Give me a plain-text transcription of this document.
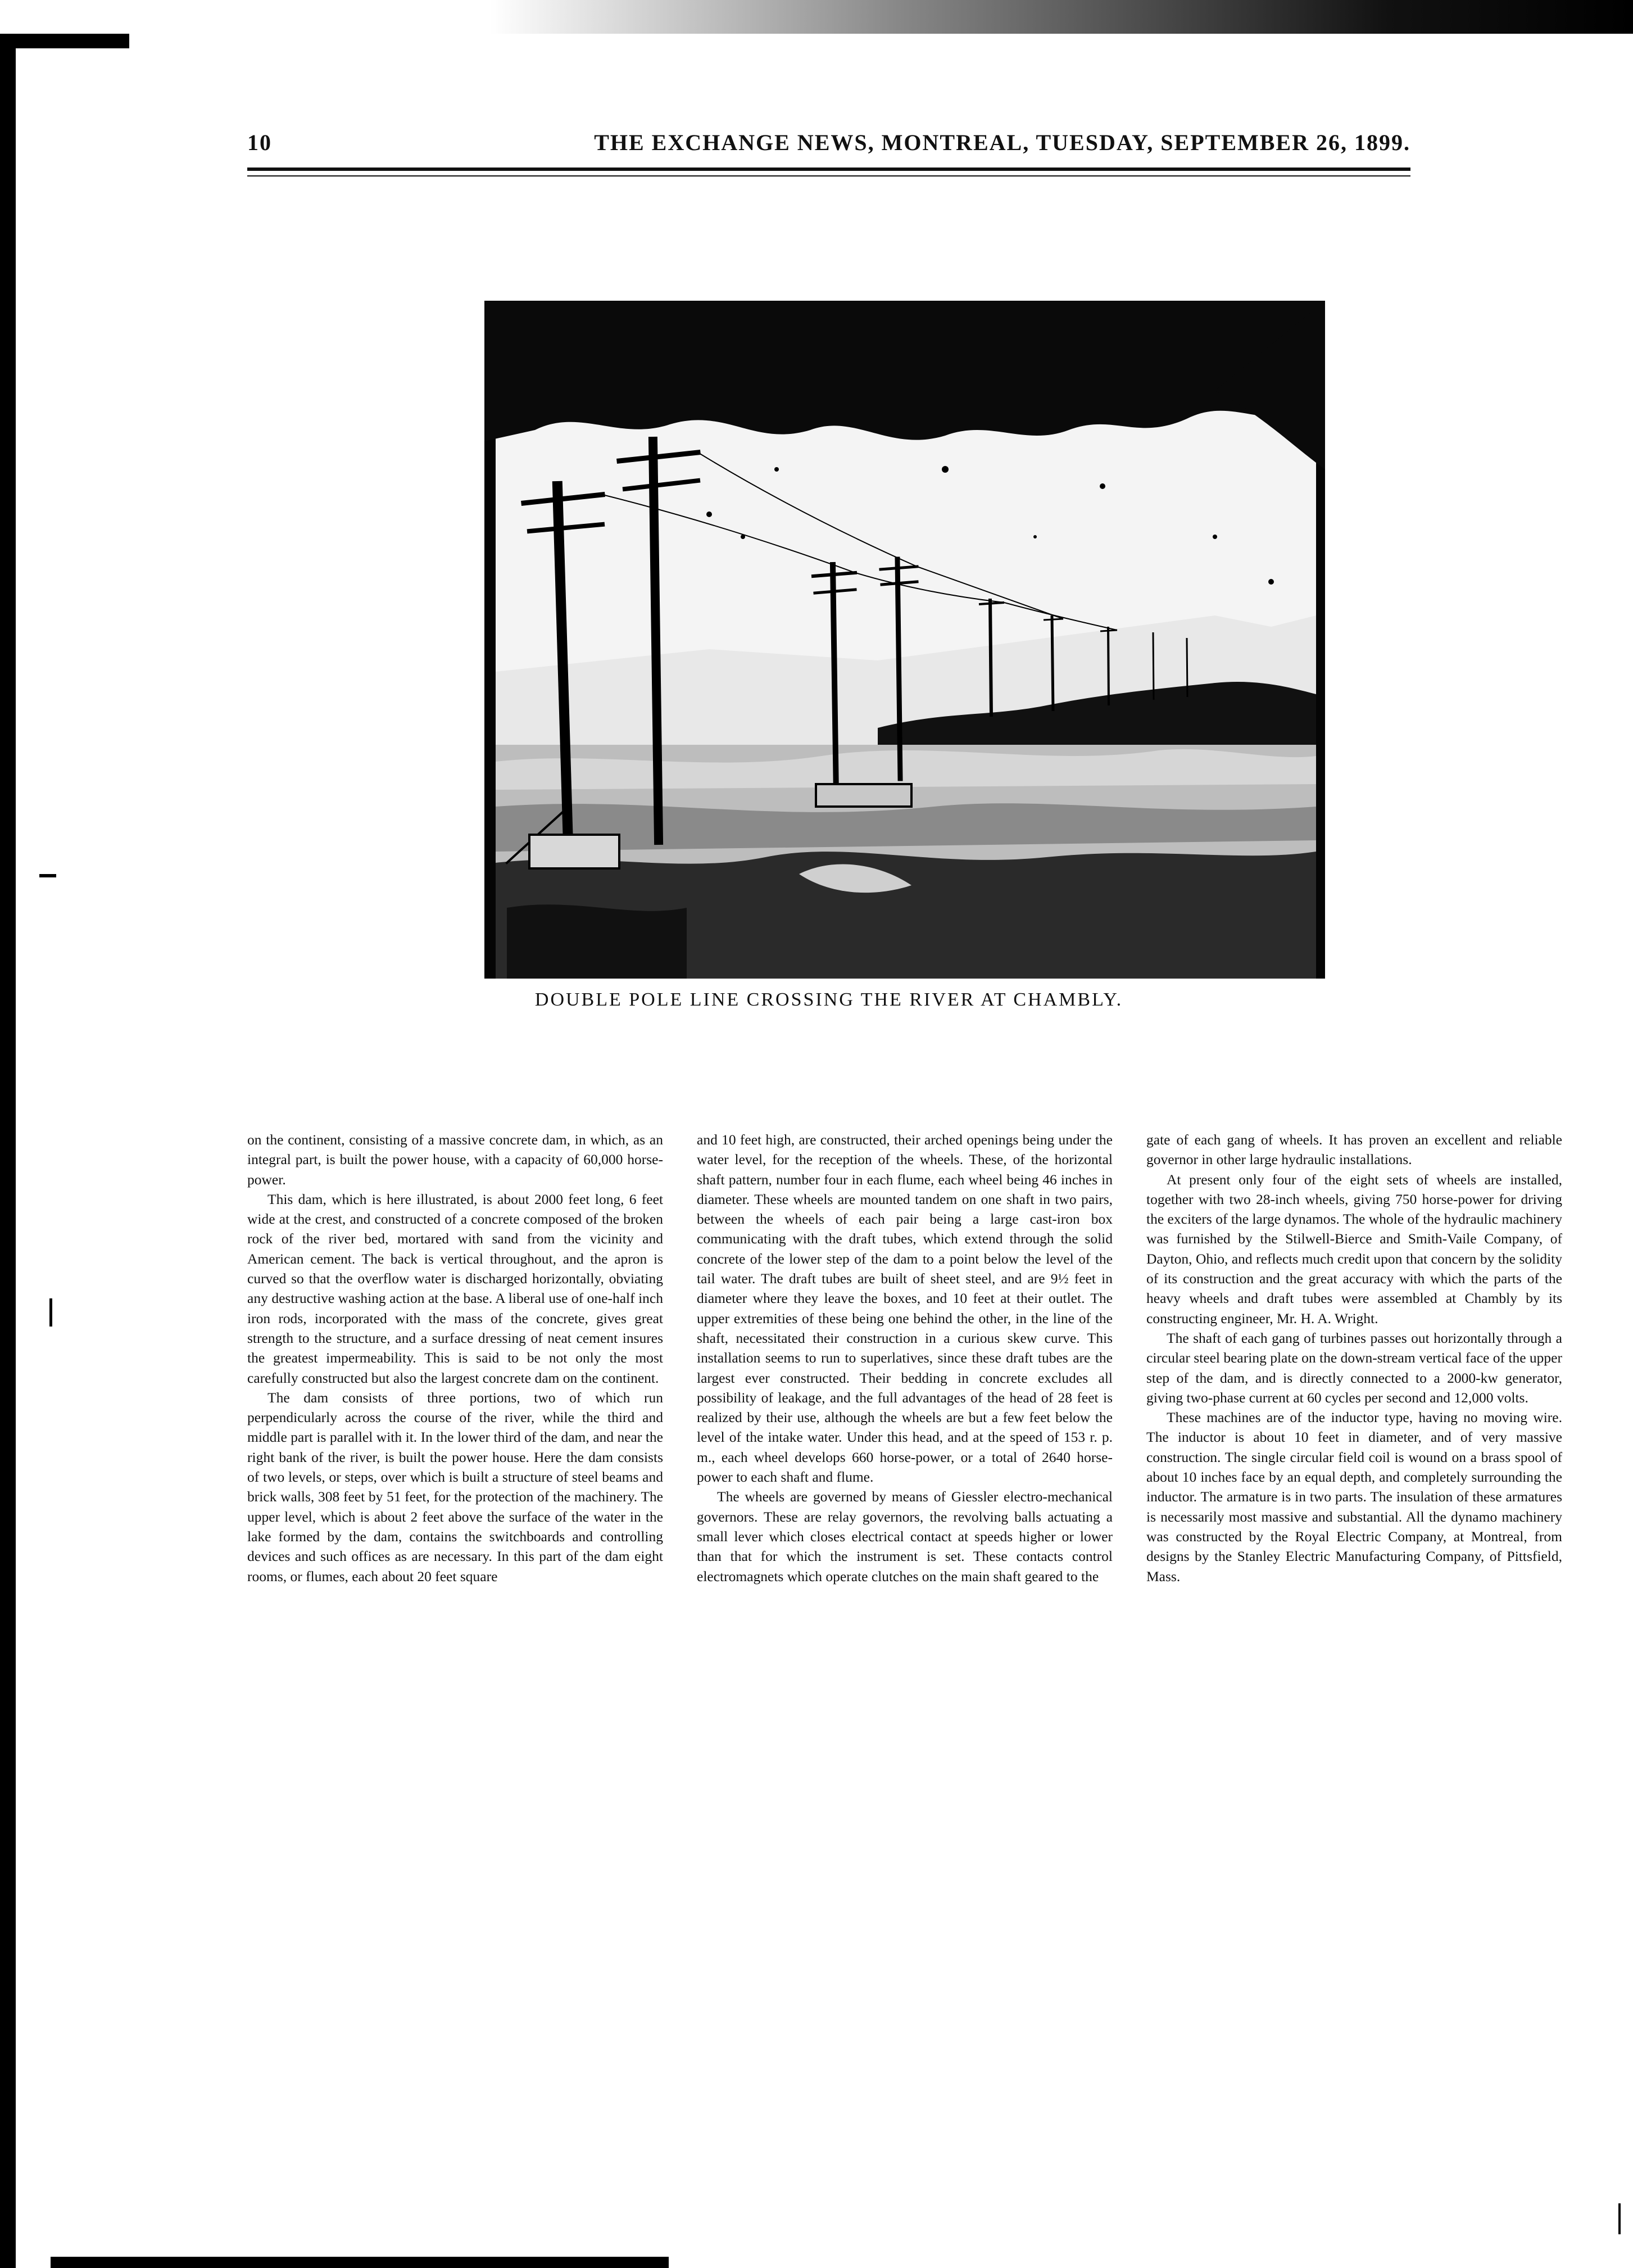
10	THE EXCHANGE NEWS, MONTREAL, TUESDAY, SEPTEMBER 26, 1899.
DOUBLE POLE LINE CROSSING THE RIVER AT CHAMBLY.

on the continent, consisting of a massive concrete dam, in which, as an integral part, is built the power house, with a capacity of 60,000 horse-power.

This dam, which is here illustrated, is about 2000 feet long, 6 feet wide at the crest, and constructed of a concrete composed of the broken rock of the river bed, mortared with sand from the vicinity and American cement. The back is vertical throughout, and the apron is curved so that the overflow water is discharged horizontally, obviating any destructive washing action at the base. A liberal use of one-half inch iron rods, incorporated with the mass of the concrete, gives great strength to the structure, and a surface dressing of neat cement insures the greatest impermeability. This is said to be not only the most carefully constructed but also the largest concrete dam on the continent.

The dam consists of three portions, two of which run perpendicularly across the course of the river, while the third and middle part is parallel with it. In the lower third of the dam, and near the right bank of the river, is built the power house. Here the dam consists of two levels, or steps, over which is built a structure of steel beams and brick walls, 308 feet by 51 feet, for the protection of the machinery. The upper level, which is about 2 feet above the surface of the water in the lake formed by the dam, contains the switchboards and controlling devices and such offices as are necessary. In this part of the dam eight rooms, or flumes, each about 20 feet square

and 10 feet high, are constructed, their arched openings being under the water level, for the reception of the wheels. These, of the horizontal shaft pattern, number four in each flume, each wheel being 46 inches in diameter. These wheels are mounted tandem on one shaft in two pairs, between the wheels of each pair being a large cast-iron box communicating with the draft tubes, which extend through the solid concrete of the lower step of the dam to a point below the level of the tail water. The draft tubes are built of sheet steel, and are 9½ feet in diameter where they leave the boxes, and 10 feet at their outlet. The upper extremities of these being one behind the other, in the line of the shaft, necessitated their construction in a curious skew curve. This installation seems to run to superlatives, since these draft tubes are the largest ever constructed. Their bedding in concrete excludes all possibility of leakage, and the full advantages of the head of 28 feet is realized by their use, although the wheels are but a few feet below the level of the intake water. Under this head, and at the speed of 153 r. p. m., each wheel develops 660 horse-power, or a total of 2640 horse-power to each shaft and flume.

The wheels are governed by means of Giessler electro-mechanical governors. These are relay governors, the revolving balls actuating a small lever which closes electrical contact at speeds higher or lower than that for which the instrument is set. These contacts control electromagnets which operate clutches on the main shaft geared to the

gate of each gang of wheels. It has proven an excellent and reliable governor in other large hydraulic installations.

At present only four of the eight sets of wheels are installed, together with two 28-inch wheels, giving 750 horse-power for driving the exciters of the large dynamos. The whole of the hydraulic machinery was furnished by the Stilwell-Bierce and Smith-Vaile Company, of Dayton, Ohio, and reflects much credit upon that concern by the solidity of its construction and the great accuracy with which the parts of the heavy wheels and draft tubes were assembled at Chambly by its constructing engineer, Mr. H. A. Wright.

The shaft of each gang of turbines passes out horizontally through a circular steel bearing plate on the down-stream vertical face of the upper step of the dam, and is directly connected to a 2000-kw generator, giving two-phase current at 60 cycles per second and 12,000 volts.

These machines are of the inductor type, having no moving wire. The inductor is about 10 feet in diameter, and of very massive construction. The single circular field coil is wound on a brass spool of about 10 inches face by an equal depth, and completely surrounding the inductor. The armature is in two parts. The insulation of these armatures is necessarily most massive and substantial. All the dynamo machinery was constructed by the Royal Electric Company, at Montreal, from designs by the Stanley Electric Manufacturing Company, of Pittsfield, Mass.
